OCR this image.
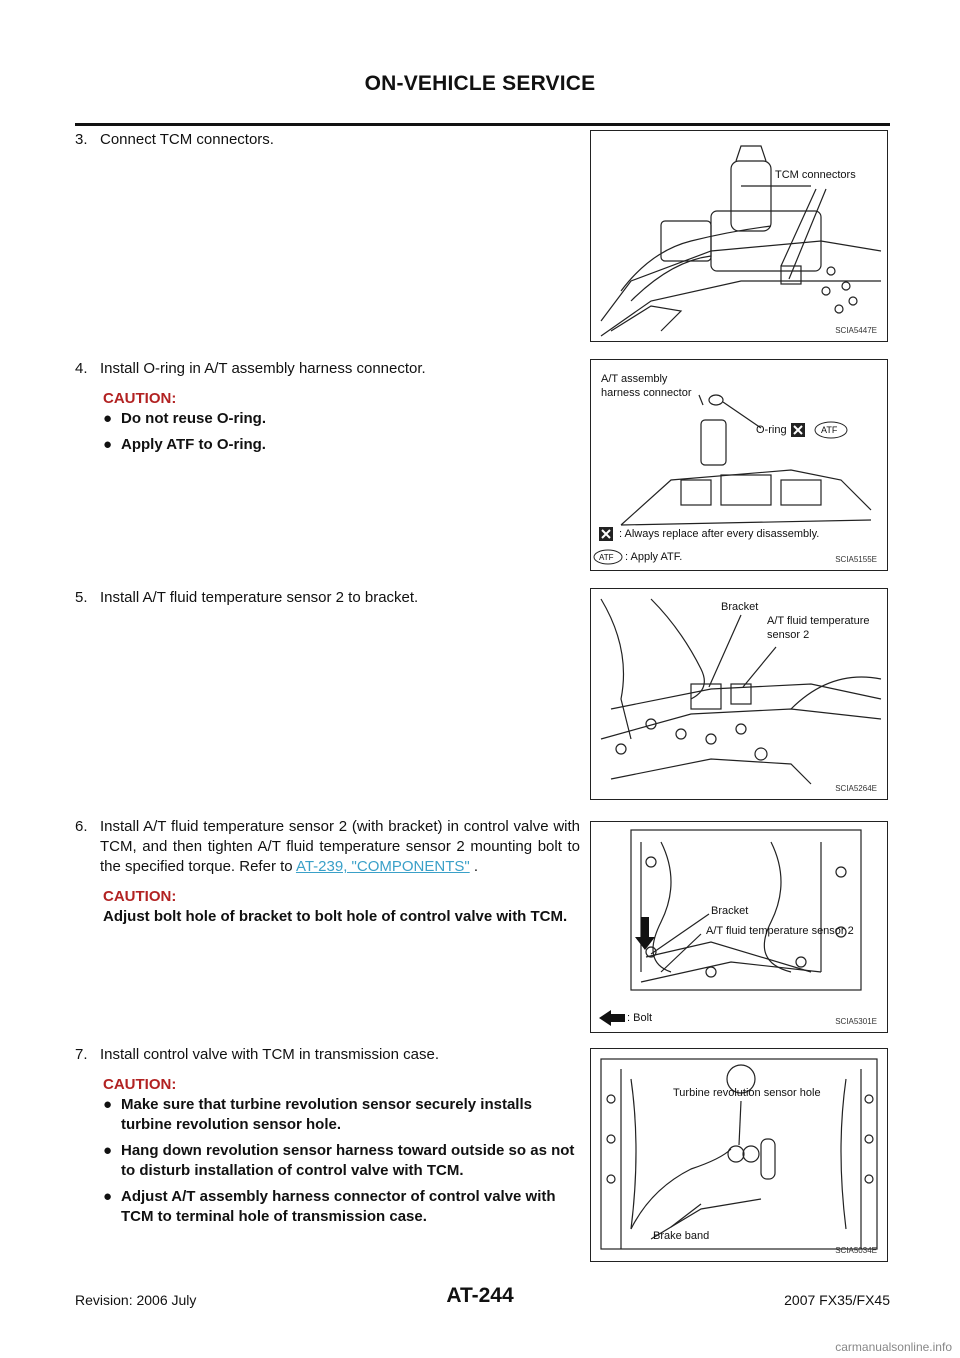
ON-VEHICLE SERVICE
3. Connect TCM connectors.
4. Install O-ring in A/T assembly harness connector.
CAUTION:
● Do not reuse O-ring.
● Apply ATF to O-ring.
5. Install A/T fluid temperature sensor 2 to bracket.
6. Install A/T fluid temperature sensor 2 (with bracket) in control valve with TCM, and then tighten A/T fluid temperature sensor 2 mounting bolt to the specified torque. Refer to AT-239, "COMPONENTS" .
CAUTION:
Adjust bolt hole of bracket to bolt hole of control valve with TCM.
7. Install control valve with TCM in transmission case.
CAUTION:
● Make sure that turbine revolution sensor securely installs turbine revolution sensor hole.
● Hang down revolution sensor harness toward outside so as not to disturb installation of control valve with TCM.
● Adjust A/T assembly harness connector of control valve with TCM to terminal hole of transmission case.
TCM connectors
SCIA5447E
A/T assembly
harness connector
O-ring	ATF
ATF
: Always replace after every disassembly.
: Apply ATF.	SCIA5155E
Bracket
A/T fluid temperature
sensor 2
SCIA5264E
Bracket
A/T fluid temperature sensor 2
: Bolt	SCIA5301E
Turbine revolution sensor hole
Brake band
SCIA5034E
Revision: 2006 July	AT-244	2007 FX35/FX45
carmanualsonline.info
